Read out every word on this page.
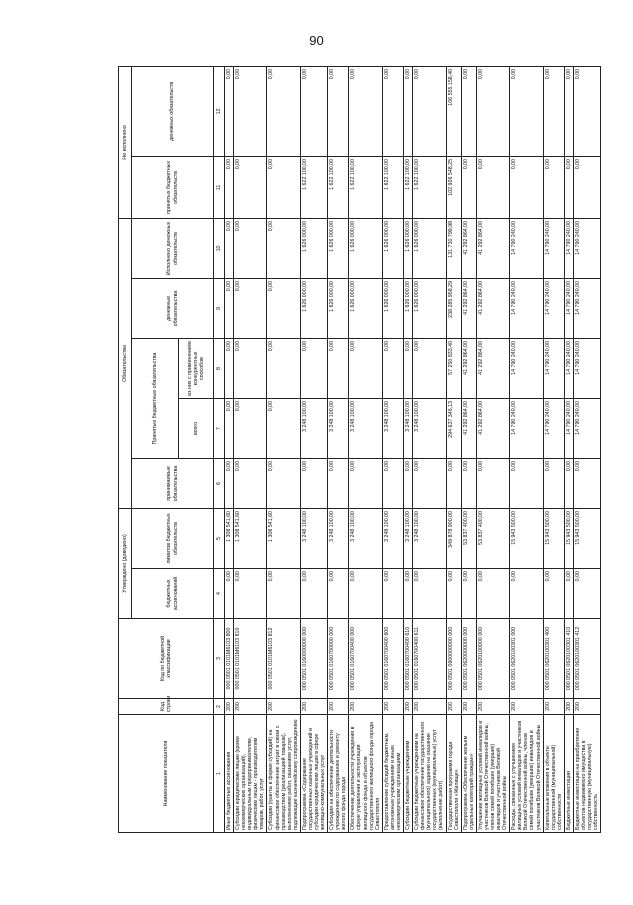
90
Наименование показателя	Код строки	Код по бюджетной классификации	Утверждено (доведено)		Обязательства					Не исполнено	
			бюджетных ассигнований	лимитов бюджетных обязательств	принимаемые обязательства	Принятые бюджетные обязательства		денежные обязательства	Исполнено денежных обязательств	принятых бюджетных обязательств	денежных обязательств
						всего	из них с применением конкурентных способов				
1	2	3	4	5	6	7	8	9	10	11	12
Иные бюджетные ассигнования	200	000 0501 0101М6103 800	0,00	1 308 541,60	0,00	0,00	0,00	0,00	0,00	0,00	0,00
Субсидии юридическим лицам (кроме некоммерческих организаций), индивидуальным предпринимателям, физическим лицам - производителям товаров, работ, услуг	200	000 0501 0101М6103 810	0,00	1 308 541,60	0,00	0,00	0,00	0,00	0,00	0,00	0,00
Субсидии (гранты в форме субсидий) на финансовое обеспечение затрат в связи с производством (реализацией товаров), выполнением работ, оказанием услуг, подлежащие казначейскому сопровождению	200	000 0501 0101М6103 812	0,00	1 308 541,60	0,00	0,00	0,00	0,00	0,00	0,00	0,00
Подпрограмма «Содержание государственных казенных учреждений и субсидии юридическим лицам в сфере жилищно-коммунальных услуг	200	000 0501 0160000000 000	0,00	3 248 100,00	0,00	3 248 100,00	0,00	1 626 000,00	1 626 000,00	1 622 100,00	0,00
Субсидия на обеспечение деятельности учреждению по содержанию и ремонту жилого фонда города	200	000 0501 0160700000 000	0,00	3 248 100,00	0,00	3 248 100,00	0,00	1 626 000,00	1 626 000,00	1 622 100,00	0,00
Обеспечение деятельности учреждения в сфере управления и эксплуатации жилищного фонда и объектов государственного жилищного фонда города Севастополя	200	000 0501 0160700400 000	0,00	3 248 100,00	0,00	3 248 100,00	0,00	1 626 000,00	1 626 000,00	1 622 100,00	0,00
Предоставление субсидий бюджетным, автономным учреждениям и иным некоммерческим организациям	200	000 0501 0160700400 600	0,00	3 248 100,00	0,00	3 248 100,00	0,00	1 626 000,00	1 626 000,00	1 622 100,00	0,00
Субсидии бюджетным учреждениям	200	000 0501 0160700400 610	0,00	3 248 100,00	0,00	3 248 100,00	0,00	1 626 000,00	1 626 000,00	1 622 100,00	0,00
Субсидии бюджетным учреждениям на финансовое обеспечение государственного (муниципального) задания на оказание государственных (муниципальных) услуг (выполнение работ)	200	000 0501 0160700400 611	0,00	3 248 100,00	0,00	3 248 100,00	0,00	1 626 000,00	1 626 000,00	1 622 100,00	0,00
Государственная программа города Севастополя «Жилище»	200	000 0501 0600000000 000	0,00	349 878 900,00	0,00	294 637 346,13	57 250 833,40	238 285 958,29	131 730 799,98	102 926 548,25	106 555 158,40
Подпрограмма «Обеспечение жильем отдельных категорий граждан»	200	000 0501 0620000000 000	0,00	53 837 400,00	0,00	41 292 864,00	41 292 864,00	41 292 864,00	41 292 864,00	0,00	0,00
Улучшение жилищных условий инвалидов и участников Великой Отечественной войны, членов семей погибших (умерших) инвалидов и участников Великой Отечественной войны	200	000 0501 0620100000 000	0,00	53 837 400,00	0,00	41 292 864,00	41 292 864,00	41 292 864,00	41 292 864,00	0,00	0,00
Расходы, связанные с улучшением жилищных условий инвалидов и участников Великой Отечественной войны, членов семей погибших (умерших) инвалидов и участников Великой Отечественной войны	200	000 0501 0620100301 000	0,00	15 943 500,00	0,00	14 790 240,00	14 790 240,00	14 790 240,00	14 790 240,00	0,00	0,00
Капитальные вложения в объекты государственной (муниципальной) собственности	200	000 0501 0620100301 400	0,00	15 943 500,00	0,00	14 790 240,00	14 790 240,00	14 790 240,00	14 790 240,00	0,00	0,00
Бюджетные инвестиции	200	000 0501 0620100301 410	0,00	15 943 500,00	0,00	14 790 240,00	14 790 240,00	14 790 240,00	14 790 240,00	0,00	0,00
Бюджетные инвестиции на приобретение объектов недвижимого имущества в государственную (муниципальную) собственность	200	000 0501 0620100301 412	0,00	15 943 500,00	0,00	14 790 240,00	14 790 240,00	14 790 240,00	14 790 240,00	0,00	0,00
